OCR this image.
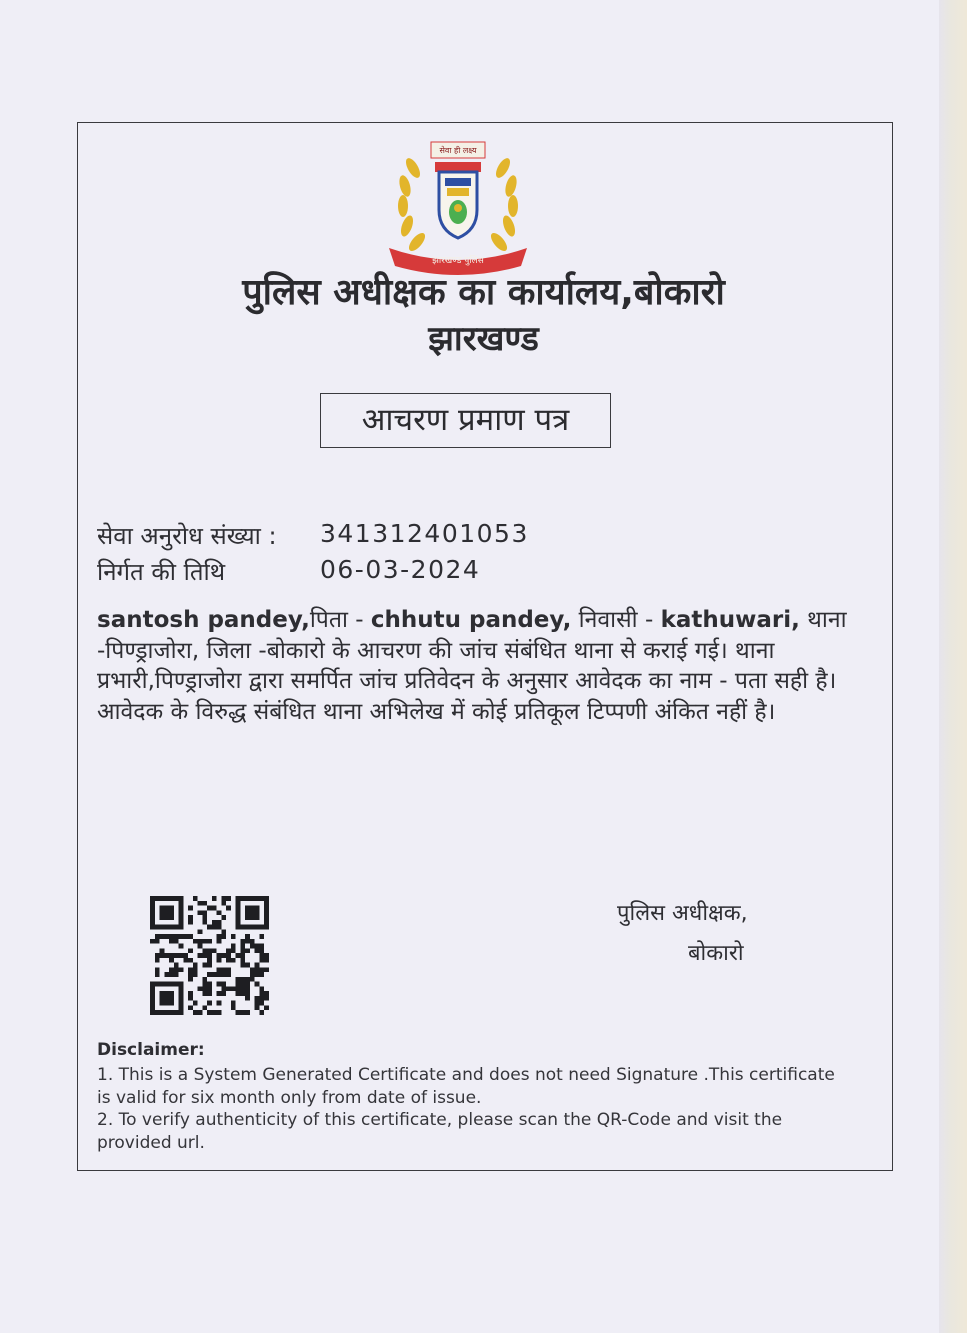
सेवा ही लक्ष्य
झारखण्ड पुलिस
पुलिस अधीक्षक का कार्यालय,बोकारो
झारखण्ड
आचरण प्रमाण पत्र
सेवा अनुरोध संख्या : 341312401053
निर्गत की तिथि	06-03-2024
santosh pandey,पिता - chhutu pandey, निवासी - kathuwari, थाना -पिण्ड्राजोरा, जिला -बोकारो के आचरण की जांच संबंधित थाना से कराई गई। थाना प्रभारी,पिण्ड्राजोरा द्वारा समर्पित जांच प्रतिवेदन के अनुसार आवेदक का नाम - पता सही है। आवेदक के विरुद्ध संबंधित थाना अभिलेख में कोई प्रतिकूल टिप्पणी अंकित नहीं है।
पुलिस अधीक्षक,
बोकारो
Disclaimer:

1. This is a System Generated Certificate and does not need Signature .This certificate is valid for six month only from date of issue.

2. To verify authenticity of this certificate, please scan the QR-Code and visit the provided url.
